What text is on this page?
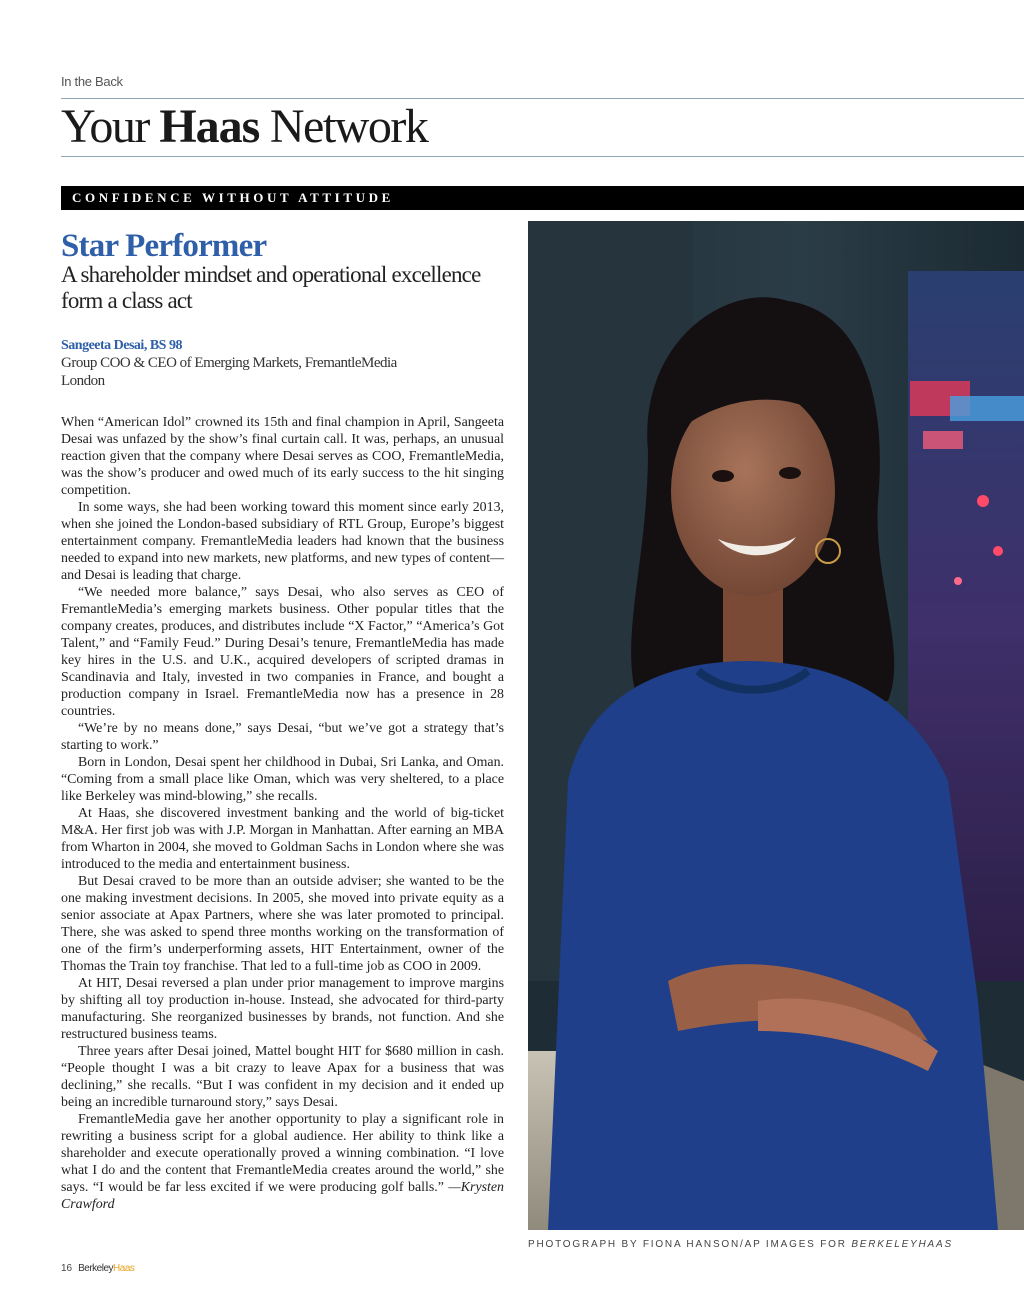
In the Back
Your Haas Network
CONFIDENCE WITHOUT ATTITUDE
Star Performer
A shareholder mindset and operational excellence form a class act
Sangeeta Desai, BS 98
Group COO & CEO of Emerging Markets, FremantleMedia
London

When “American Idol” crowned its 15th and final champion in April, Sangeeta Desai was unfazed by the show’s final curtain call. It was, perhaps, an unusual reaction given that the company where Desai serves as COO, FremantleMedia, was the show’s producer and owed much of its early success to the hit singing competition.

In some ways, she had been working toward this moment since early 2013, when she joined the London-based subsidiary of RTL Group, Europe’s biggest entertainment company. FremantleMedia leaders had known that the business needed to expand into new markets, new platforms, and new types of content—and Desai is leading that charge.

“We needed more balance,” says Desai, who also serves as CEO of FremantleMedia’s emerging markets business. Other popular titles that the company creates, produces, and distributes include “X Factor,” “America’s Got Talent,” and “Family Feud.” During Desai’s tenure, FremantleMedia has made key hires in the U.S. and U.K., acquired developers of scripted dramas in Scandinavia and Italy, invested in two companies in France, and bought a production company in Israel. FremantleMedia now has a presence in 28 countries.

“We’re by no means done,” says Desai, “but we’ve got a strategy that’s starting to work.”

Born in London, Desai spent her childhood in Dubai, Sri Lanka, and Oman. “Coming from a small place like Oman, which was very sheltered, to a place like Berkeley was mind-blowing,” she recalls.

At Haas, she discovered investment banking and the world of big-ticket M&A. Her first job was with J.P. Morgan in Manhattan. After earning an MBA from Wharton in 2004, she moved to Goldman Sachs in London where she was introduced to the media and entertainment business.

But Desai craved to be more than an outside adviser; she wanted to be the one making investment decisions. In 2005, she moved into private equity as a senior associate at Apax Partners, where she was later promoted to principal. There, she was asked to spend three months working on the transformation of one of the firm’s underperforming assets, HIT Entertainment, owner of the Thomas the Train toy franchise. That led to a full-time job as COO in 2009.

At HIT, Desai reversed a plan under prior management to improve margins by shifting all toy production in-house. Instead, she advocated for third-party manufacturing. She reorganized businesses by brands, not function. And she restructured business teams.

Three years after Desai joined, Mattel bought HIT for $680 million in cash. “People thought I was a bit crazy to leave Apax for a business that was declining,” she recalls. “But I was confident in my decision and it ended up being an incredible turnaround story,” says Desai.

FremantleMedia gave her another opportunity to play a significant role in rewriting a business script for a global audience. Her ability to think like a shareholder and execute operationally proved a winning combination. “I love what I do and the content that FremantleMedia creates around the world,” she says. “I would be far less excited if we were producing golf balls.” —Krysten Crawford

PHOTOGRAPH BY FIONA HANSON/AP IMAGES FOR BERKELEYHAAS
16 BerkeleyHaas
